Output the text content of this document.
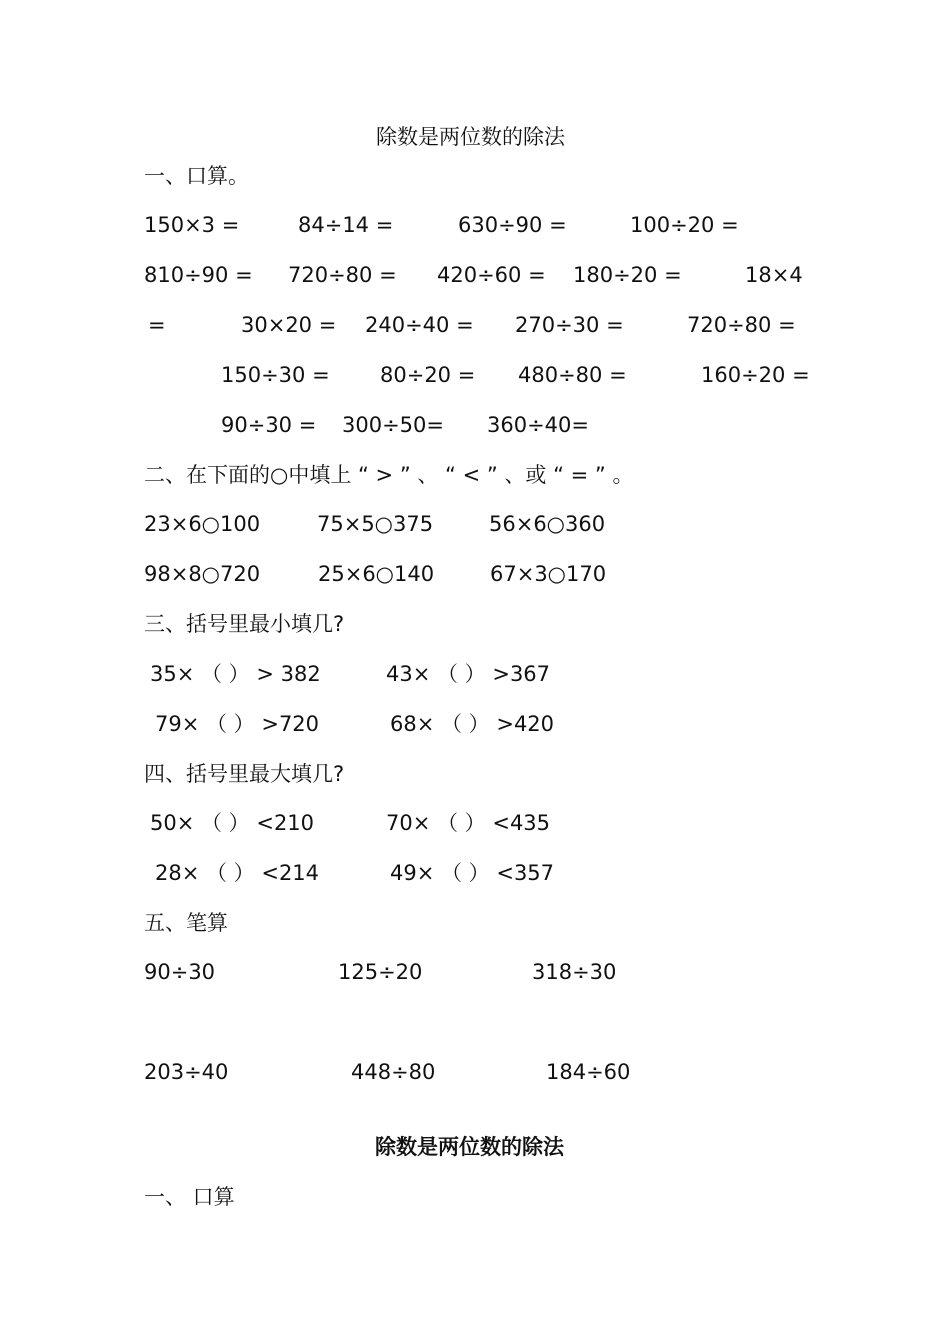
除数是两位数的除法
一、口算。
150×3 =	84÷14 =	630÷90 =	100÷20 =
810÷90 = 720÷80 = 420÷60 = 180÷20 =	18×4
=	30×20 = 240÷40 = 270÷30 =	720÷80 =
150÷30 = 80÷20 = 480÷80 =	160÷20 =
90÷30 = 300÷50= 360÷40=
二、在下面的○中填上 “ > ” 、 “ < ” 、或 “ = ” 。
23×6○100	75×5○375	56×6○360
98×8○720	25×6○140	67×3○170
三、括号里最小填几?
35× （ ） > 382	43× （ ） >367
79× （ ） >720	68× （ ） >420
四、括号里最大填几?
50× （ ） <210	70× （ ） <435
28× （ ） <214	49× （ ） <357
五、笔算
90÷30	125÷20	318÷30
203÷40	448÷80	184÷60
除数是两位数的除法
一、 口算
